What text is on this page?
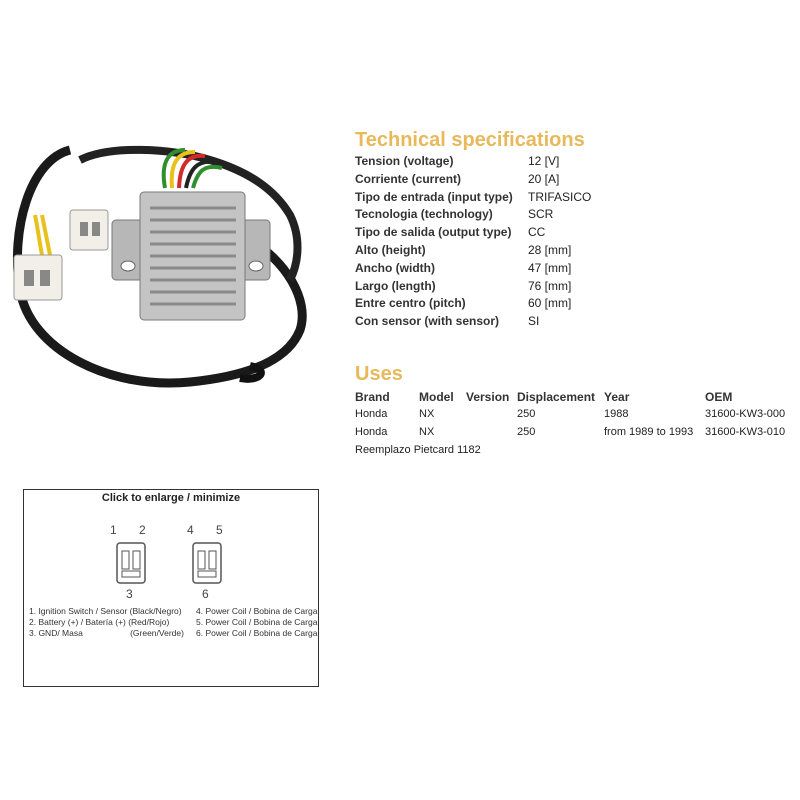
Technical specifications
Tension (voltage)	12 [V]
Corriente (current)	20 [A]
Tipo de entrada (input type)	TRIFASICO
Tecnologia (technology)	SCR
Tipo de salida (output type)	CC
Alto (height)	28 [mm]
Ancho (width)	47 [mm]
Largo (length)	76 [mm]
Entre centro (pitch)	60 [mm]
Con sensor (with sensor)	SI
Uses
Brand	Model	Version	Displacement	Year	OEM
Honda	NX		250	1988	31600-KW3-000
Honda	NX		250	from 1989 to 1993	31600-KW3-010
Reemplazo Pietcard 1182
Click to enlarge / minimize
1 2	4 5
3	6
1. Ignition Switch / Sensor (Black/Negro)
2. Battery (+) / Batería (+) (Red/Rojo)
3. GND/ Masa                    (Green/Verde)
4. Power Coil / Bobina de Carga
5. Power Coil / Bobina de Carga
6. Power Coil / Bobina de Carga
